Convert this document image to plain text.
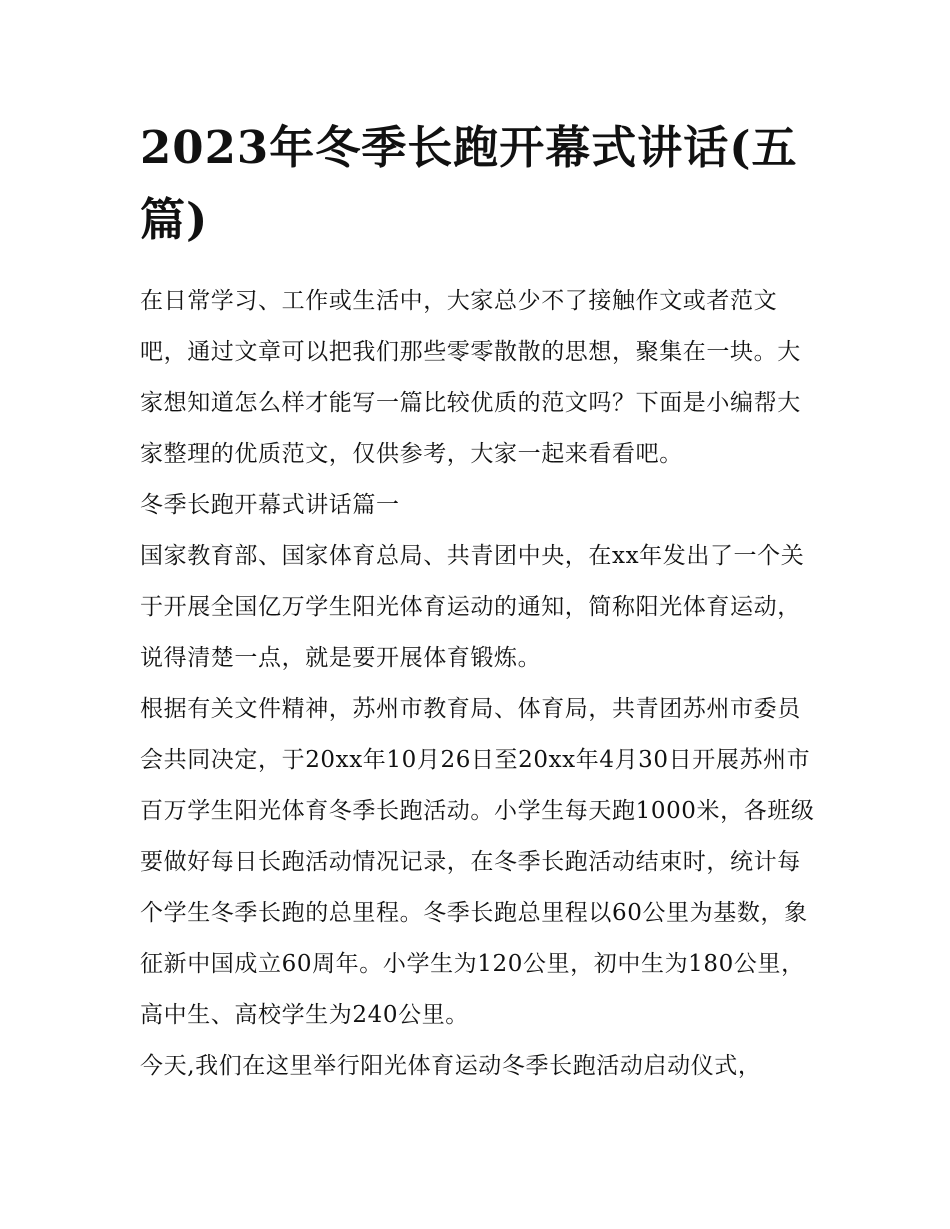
2023年冬季长跑开幕式讲话(五篇)

在日常学习、工作或生活中，大家总少不了接触作文或者范文吧，通过文章可以把我们那些零零散散的思想，聚集在一块。大家想知道怎么样才能写一篇比较优质的范文吗？下面是小编帮大家整理的优质范文，仅供参考，大家一起来看看吧。

冬季长跑开幕式讲话篇一

国家教育部、国家体育总局、共青团中央，在xx年发出了一个关于开展全国亿万学生阳光体育运动的通知，简称阳光体育运动，说得清楚一点，就是要开展体育锻炼。

根据有关文件精神，苏州市教育局、体育局，共青团苏州市委员会共同决定，于20xx年10月26日至20xx年4月30日开展苏州市百万学生阳光体育冬季长跑活动。小学生每天跑1000米，各班级要做好每日长跑活动情况记录，在冬季长跑活动结束时，统计每个学生冬季长跑的总里程。冬季长跑总里程以60公里为基数，象征新中国成立60周年。小学生为120公里，初中生为180公里，高中生、高校学生为240公里。

今天,我们在这里举行阳光体育运动冬季长跑活动启动仪式，
